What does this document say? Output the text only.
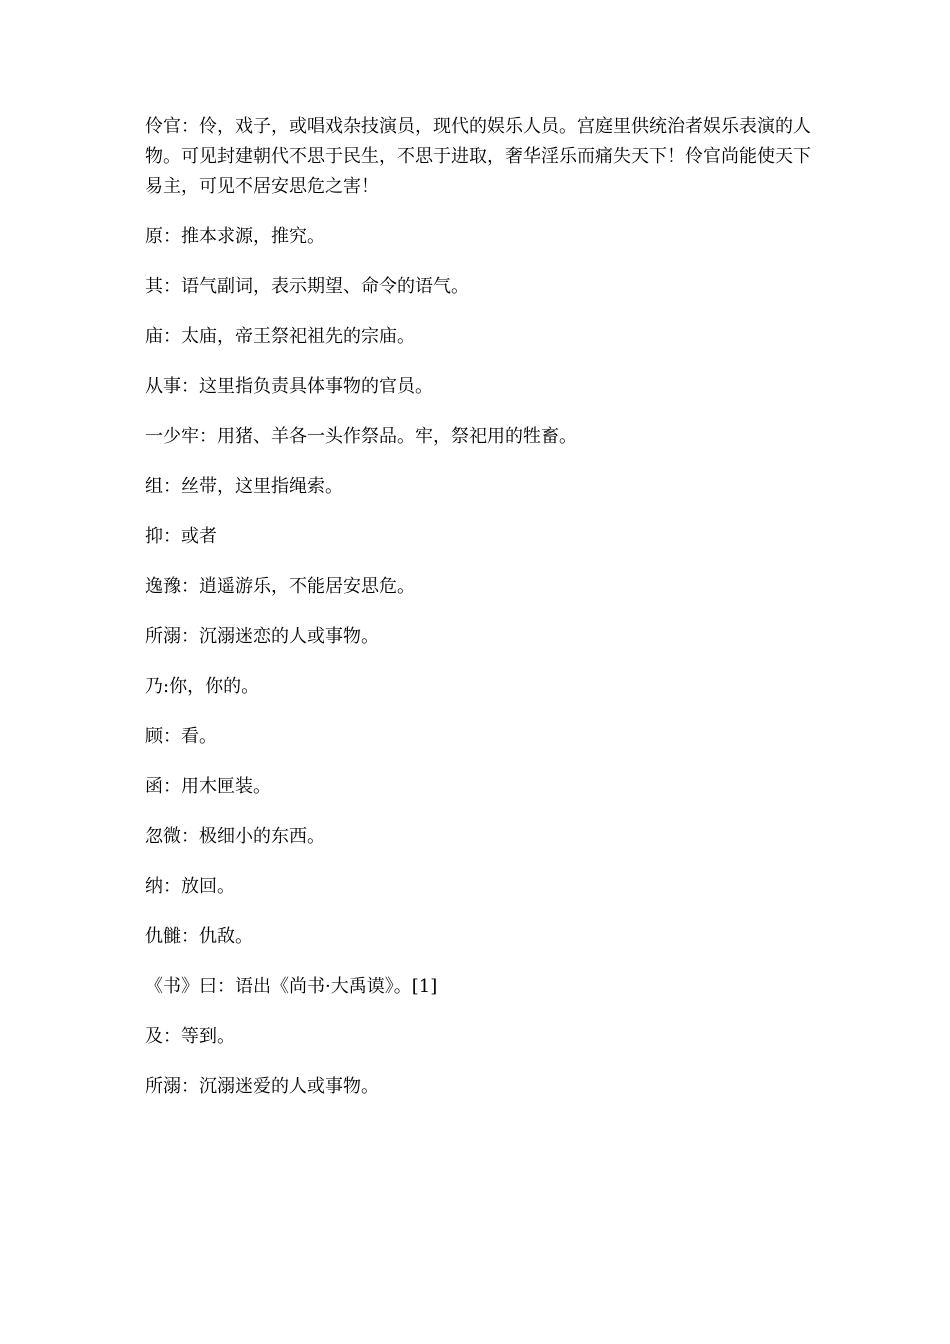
伶官：伶，戏子，或唱戏杂技演员，现代的娱乐人员。宫庭里供统治者娱乐表演的人物。可见封建朝代不思于民生，不思于进取，奢华淫乐而痛失天下！伶官尚能使天下易主，可见不居安思危之害！

原：推本求源，推究。

其：语气副词，表示期望、命令的语气。

庙：太庙，帝王祭祀祖先的宗庙。

从事：这里指负责具体事物的官员。

一少牢：用猪、羊各一头作祭品。牢，祭祀用的牲畜。

组：丝带，这里指绳索。

抑：或者

逸豫：逍遥游乐，不能居安思危。

所溺：沉溺迷恋的人或事物。

乃:你，你的。

顾：看。

函：用木匣装。

忽微：极细小的东西。

纳：放回。

仇雠：仇敌。

《书》曰：语出《尚书·大禹谟》。[1]

及：等到。

所溺：沉溺迷爱的人或事物。
